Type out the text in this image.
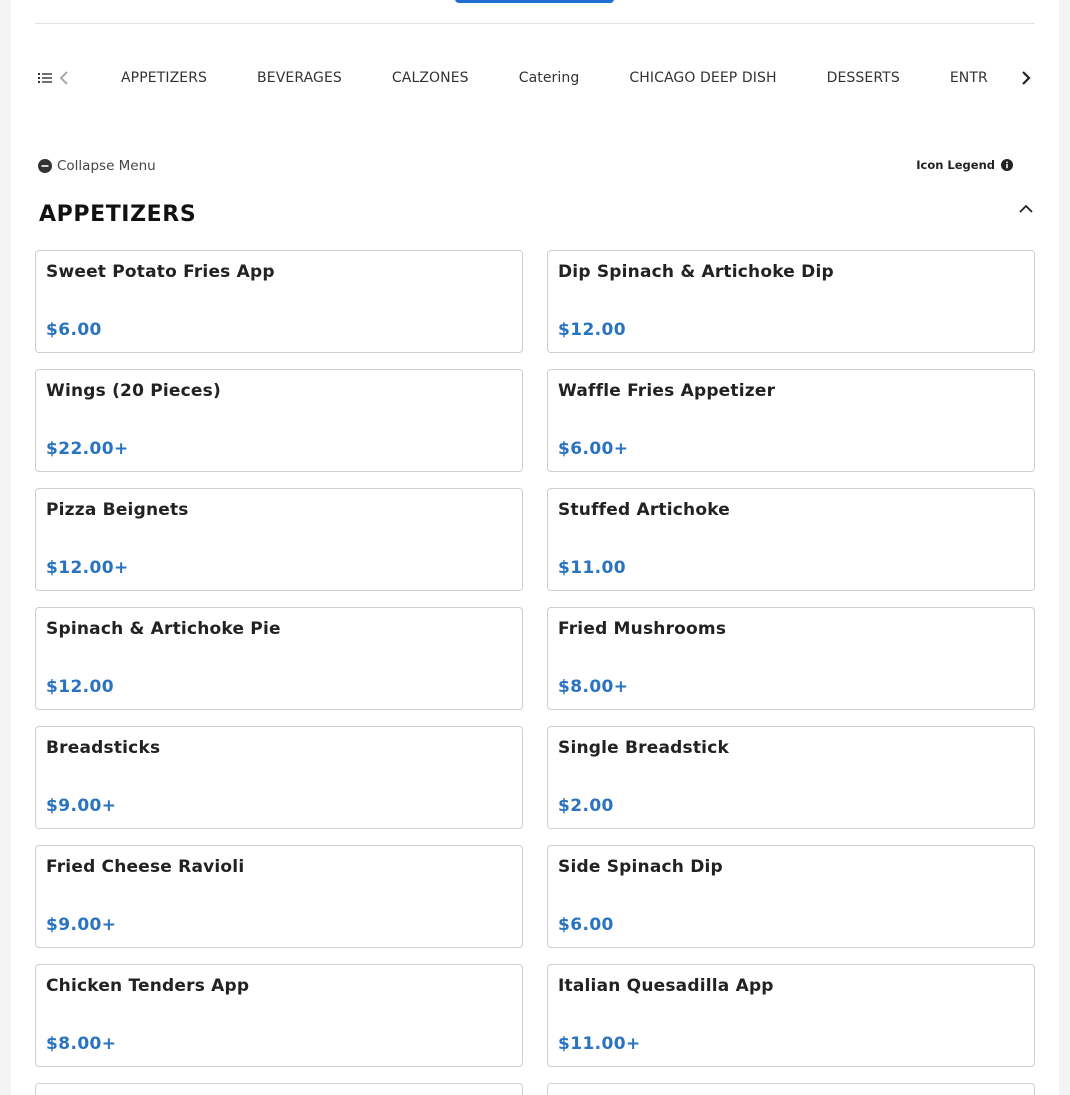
APPETIZERS	BEVERAGES	CALZONES	Catering	CHICAGO DEEP DISH	DESSERTS	ENTR
Collapse Menu	Icon Legend
APPETIZERS
Sweet Potato Fries App
$6.00
Dip Spinach & Artichoke Dip
$12.00
Wings (20 Pieces)
$22.00+
Waffle Fries Appetizer
$6.00+
Pizza Beignets
$12.00+
Stuffed Artichoke
$11.00
Spinach & Artichoke Pie
$12.00
Fried Mushrooms
$8.00+
Breadsticks
$9.00+
Single Breadstick
$2.00
Fried Cheese Ravioli
$9.00+
Side Spinach Dip
$6.00
Chicken Tenders App
$8.00+
Italian Quesadilla App
$11.00+
